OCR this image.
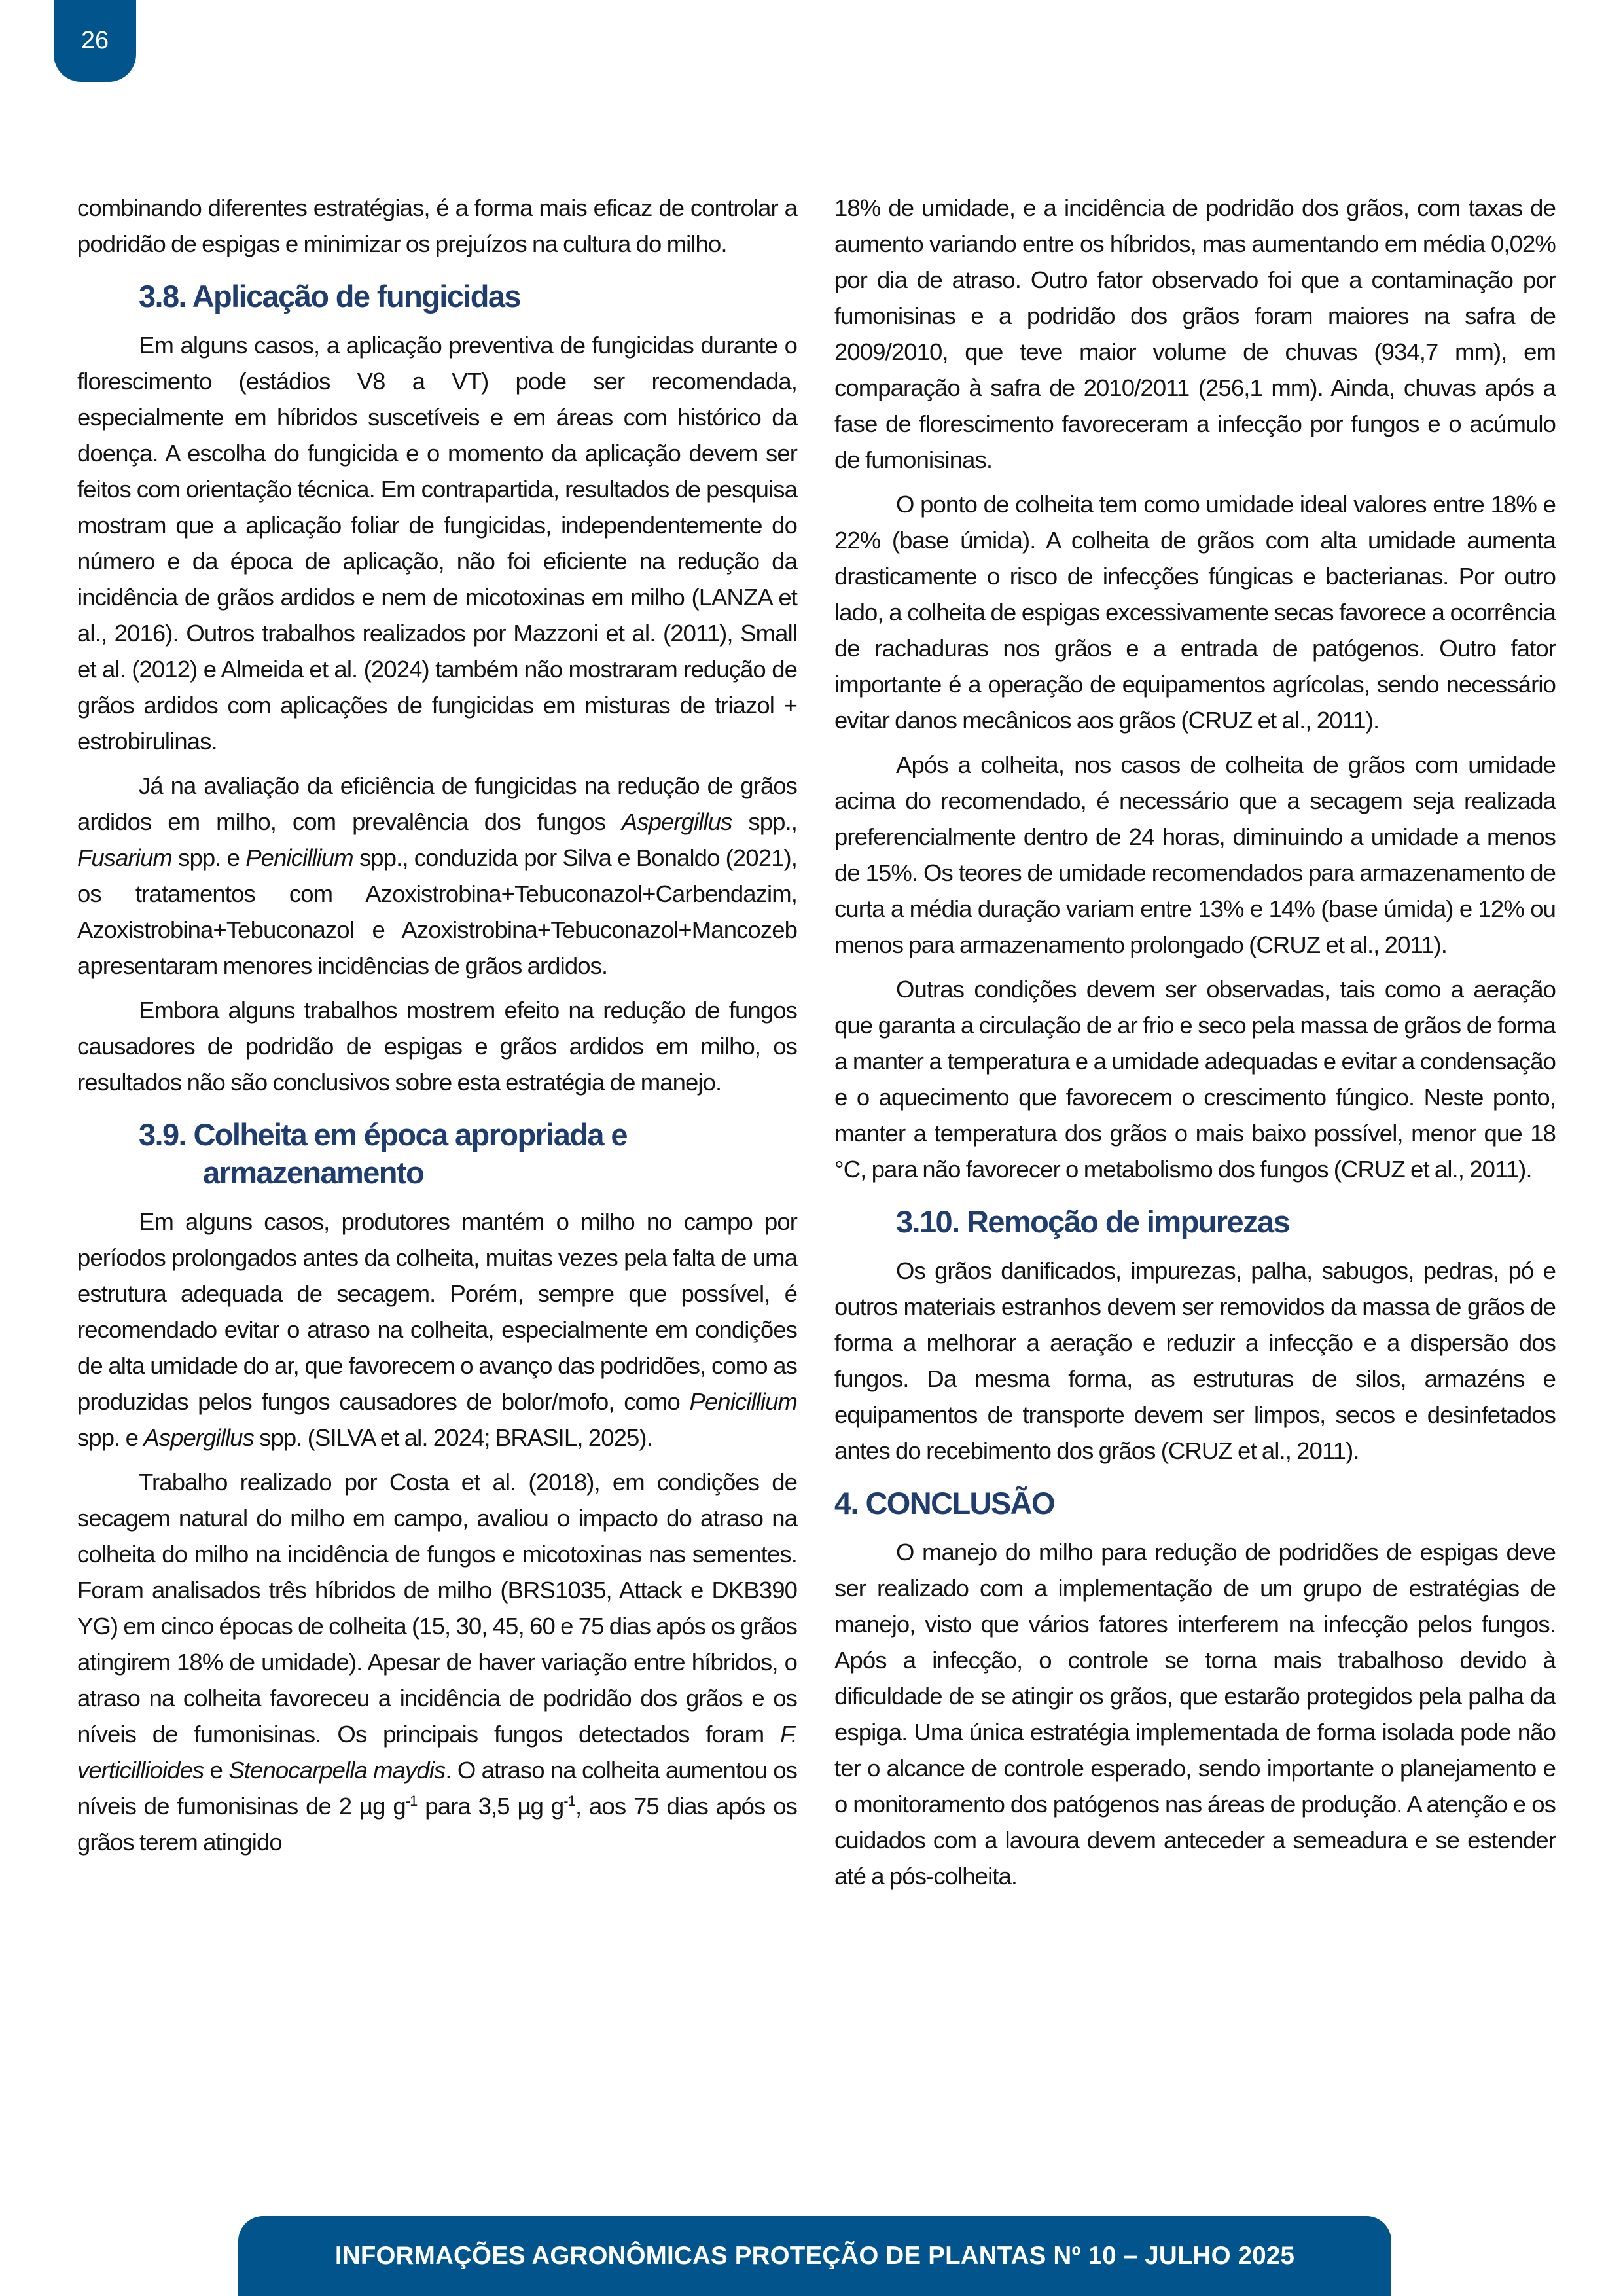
26

combinando diferentes estratégias, é a forma mais eficaz de controlar a podridão de espigas e minimizar os prejuízos na cultura do milho.

3.8. Aplicação de fungicidas

Em alguns casos, a aplicação preventiva de fungicidas durante o florescimento (estádios V8 a VT) pode ser recomendada, especialmente em híbridos suscetíveis e em áreas com histórico da doença. A escolha do fungicida e o momento da aplicação devem ser feitos com orientação técnica. Em contrapartida, resultados de pesquisa mostram que a aplicação foliar de fungicidas, independentemente do número e da época de aplicação, não foi eficiente na redução da incidência de grãos ardidos e nem de micotoxinas em milho (LANZA et al., 2016). Outros trabalhos realizados por Mazzoni et al. (2011), Small et al. (2012) e Almeida et al. (2024) também não mostraram redução de grãos ardidos com aplicações de fungicidas em misturas de triazol + estrobirulinas.

Já na avaliação da eficiência de fungicidas na redução de grãos ardidos em milho, com prevalência dos fungos Aspergillus spp., Fusarium spp. e Penicillium spp., conduzida por Silva e Bonaldo (2021), os tratamentos com Azoxistrobina+Tebuconazol+Carbendazim, Azoxistrobina+Tebuconazol e Azoxistrobina+Tebuconazol+Mancozeb apresentaram menores incidências de grãos ardidos.

Embora alguns trabalhos mostrem efeito na redução de fungos causadores de podridão de espigas e grãos ardidos em milho, os resultados não são conclusivos sobre esta estratégia de manejo.

3.9. Colheita em época apropriada e
armazenamento

Em alguns casos, produtores mantém o milho no campo por períodos prolongados antes da colheita, muitas vezes pela falta de uma estrutura adequada de secagem. Porém, sempre que possível, é recomendado evitar o atraso na colheita, especialmente em condições de alta umidade do ar, que favorecem o avanço das podridões, como as produzidas pelos fungos causadores de bolor/mofo, como Penicillium spp. e Aspergillus spp. (SILVA et al. 2024; BRASIL, 2025).

Trabalho realizado por Costa et al. (2018), em condições de secagem natural do milho em campo, avaliou o impacto do atraso na colheita do milho na incidência de fungos e micotoxinas nas sementes. Foram analisados três híbridos de milho (BRS1035, Attack e DKB390 YG) em cinco épocas de colheita (15, 30, 45, 60 e 75 dias após os grãos atingirem 18% de umidade). Apesar de haver variação entre híbridos, o atraso na colheita favoreceu a incidência de podridão dos grãos e os níveis de fumonisinas. Os principais fungos detectados foram F. verticillioides e Stenocarpella maydis. O atraso na colheita aumentou os níveis de fumonisinas de 2 µg $g^{-1}$ para 3,5 µg $g^{-1}$, aos 75 dias após os grãos terem atingido

18% de umidade, e a incidência de podridão dos grãos, com taxas de aumento variando entre os híbridos, mas aumentando em média 0,02% por dia de atraso. Outro fator observado foi que a contaminação por fumonisinas e a podridão dos grãos foram maiores na safra de 2009/2010, que teve maior volume de chuvas (934,7 mm), em comparação à safra de 2010/2011 (256,1 mm). Ainda, chuvas após a fase de florescimento favoreceram a infecção por fungos e o acúmulo de fumonisinas.

O ponto de colheita tem como umidade ideal valores entre 18% e 22% (base úmida). A colheita de grãos com alta umidade aumenta drasticamente o risco de infecções fúngicas e bacterianas. Por outro lado, a colheita de espigas excessivamente secas favorece a ocorrência de rachaduras nos grãos e a entrada de patógenos. Outro fator importante é a operação de equipamentos agrícolas, sendo necessário evitar danos mecânicos aos grãos (CRUZ et al., 2011).

Após a colheita, nos casos de colheita de grãos com umidade acima do recomendado, é necessário que a secagem seja realizada preferencialmente dentro de 24 horas, diminuindo a umidade a menos de 15%. Os teores de umidade recomendados para armazenamento de curta a média duração variam entre 13% e 14% (base úmida) e 12% ou menos para armazenamento prolongado (CRUZ et al., 2011).

Outras condições devem ser observadas, tais como a aeração que garanta a circulação de ar frio e seco pela massa de grãos de forma a manter a temperatura e a umidade adequadas e evitar a condensação e o aquecimento que favorecem o crescimento fúngico. Neste ponto, manter a temperatura dos grãos o mais baixo possível, menor que 18 °C, para não favorecer o metabolismo dos fungos (CRUZ et al., 2011).

3.10. Remoção de impurezas

Os grãos danificados, impurezas, palha, sabugos, pedras, pó e outros materiais estranhos devem ser removidos da massa de grãos de forma a melhorar a aeração e reduzir a infecção e a dispersão dos fungos. Da mesma forma, as estruturas de silos, armazéns e equipamentos de transporte devem ser limpos, secos e desinfetados antes do recebimento dos grãos (CRUZ et al., 2011).

4. CONCLUSÃO

O manejo do milho para redução de podridões de espigas deve ser realizado com a implementação de um grupo de estratégias de manejo, visto que vários fatores interferem na infecção pelos fungos. Após a infecção, o controle se torna mais trabalhoso devido à dificuldade de se atingir os grãos, que estarão protegidos pela palha da espiga. Uma única estratégia implementada de forma isolada pode não ter o alcance de controle esperado, sendo importante o planejamento e o monitoramento dos patógenos nas áreas de produção. A atenção e os cuidados com a lavoura devem anteceder a semeadura e se estender até a pós-colheita.

INFORMAÇÕES AGRONÔMICAS PROTEÇÃO DE PLANTAS Nº 10 – JULHO 2025
